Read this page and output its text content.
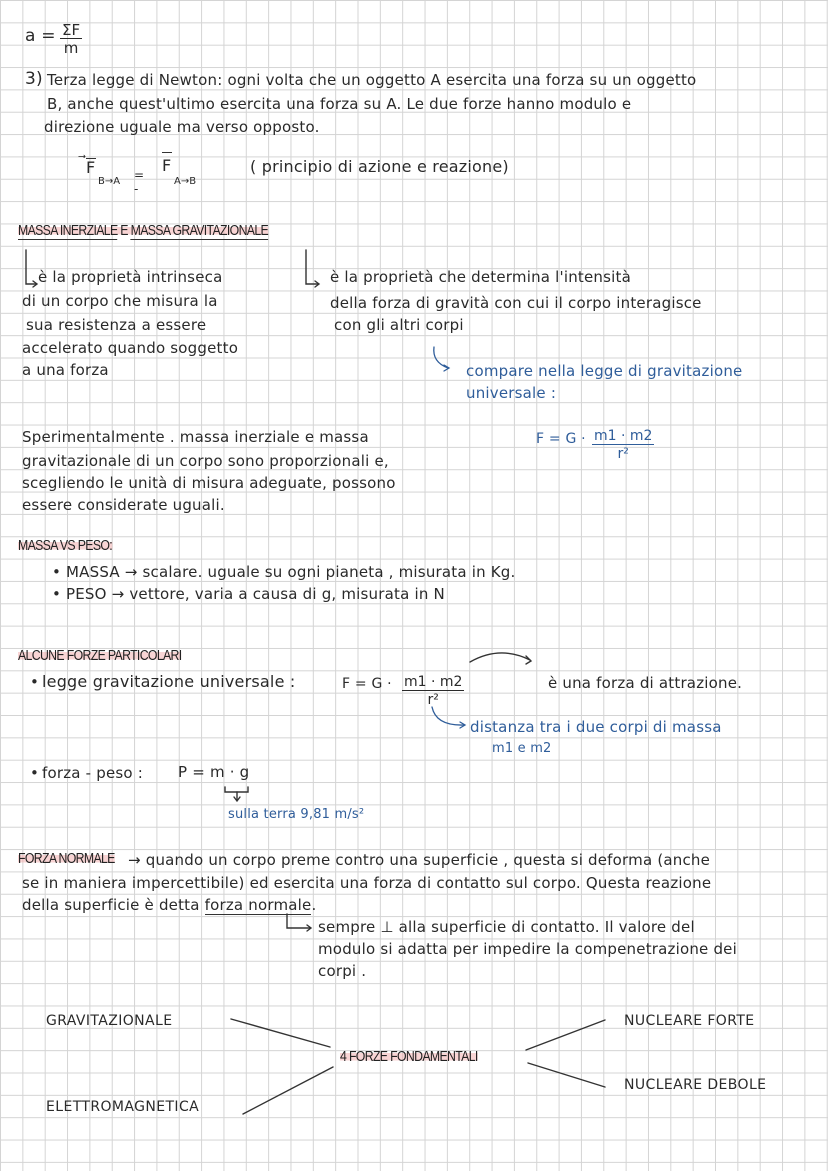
$a = \frac{\Sigma F}{m}$
3) Terza legge di Newton: ogni volta che un oggetto A esercita una forza su un oggetto
B, anche quest'ultimo esercita una forza su A. Le due forze hanno modulo e
direzione uguale ma verso opposto.
F
B→A = -
F
A→B
( principio di azione e reazione)
MASSA INERZIALE E MASSA GRAVITAZIONALE
è la proprietà intrinseca
di un corpo che misura la
sua resistenza a essere
accelerato quando soggetto
a una forza
è la proprietà che determina l'intensità
della forza di gravità con cui il corpo interagisce
con gli altri corpi
compare nella legge di gravitazione
universale :
Sperimentalmente . massa inerziale e massa
gravitazionale di un corpo sono proporzionali e,
scegliendo le unità di misura adeguate, possono
essere considerate uguali.
$F = G \cdot \frac{m1 \cdot m2}{\text{r²}}$
MASSA VS PESO:
• MASSA → scalare. uguale su ogni pianeta , misurata in Kg.
• PESO → vettore, varia a causa di g, misurata in N
ALCUNE FORZE PARTICOLARI
• legge gravitazione universale :	$F = G \cdot \frac{m1 \cdot m2}{\text{r²}}$	è una forza di attrazione.
distanza tra i due corpi di massa
m1 e m2
• forza - peso : P = m · g
sulla terra 9,81 m/s²
FORZA NORMALE → quando un corpo preme contro una superficie , questa si deforma (anche
se in maniera impercettibile) ed esercita una forza di contatto sul corpo. Questa reazione
della superficie è detta forza normale.
sempre ⊥ alla superficie di contatto. Il valore del
modulo si adatta per impedire la compenetrazione dei
corpi .
GRAVITAZIONALE
ELETTROMAGNETICA
4 FORZE FONDAMENTALI
NUCLEARE FORTE
NUCLEARE DEBOLE
